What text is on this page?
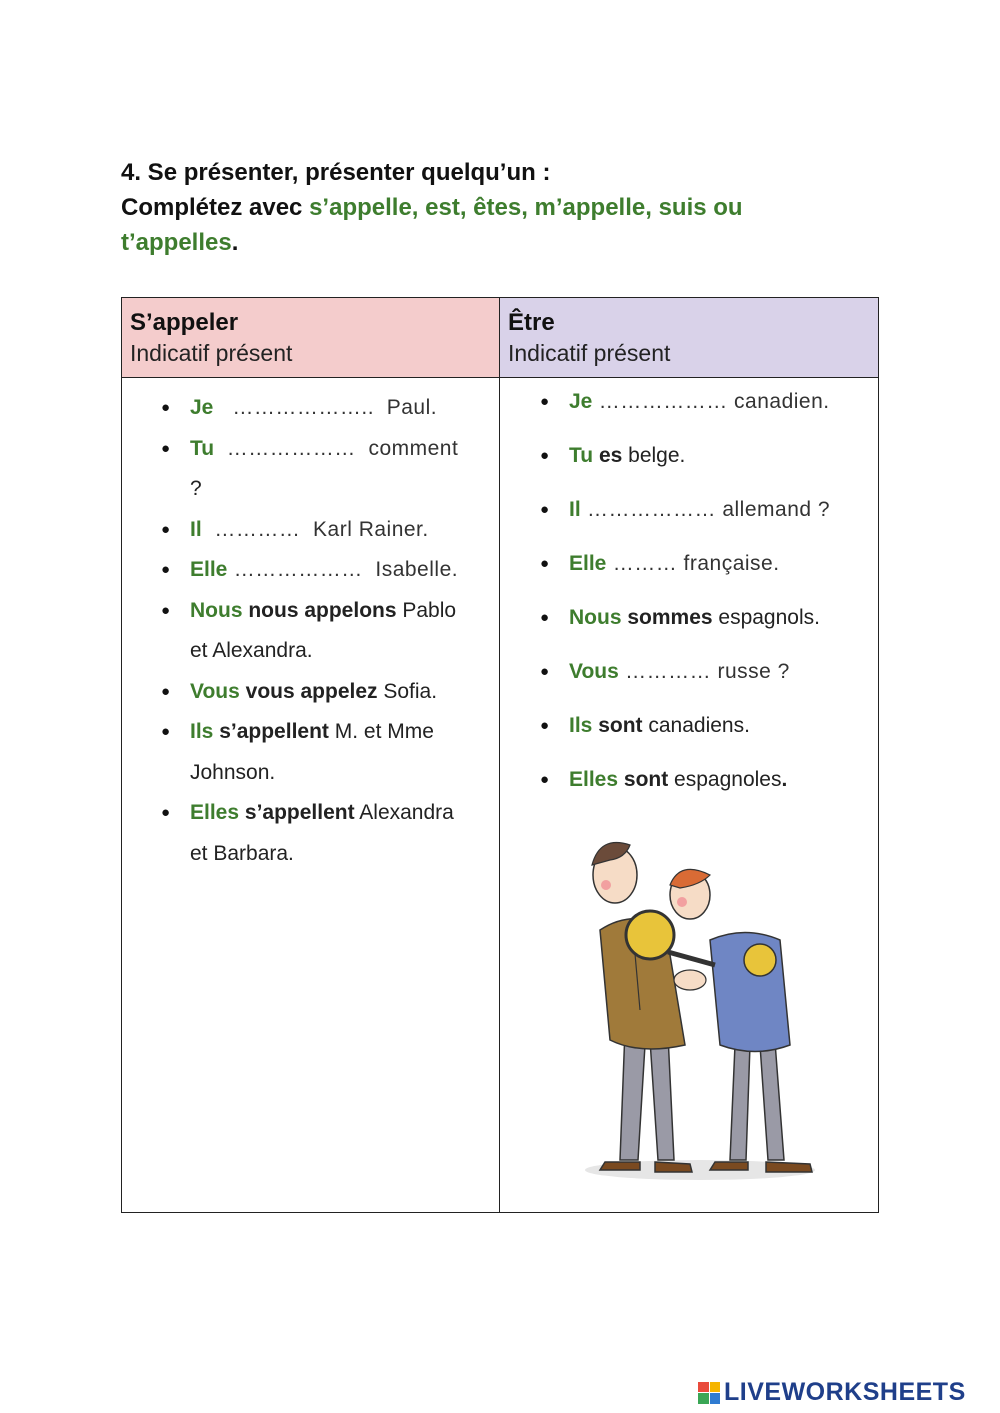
4. Se présenter, présenter quelqu’un :
Complétez avec s’appelle, est, êtes, m’appelle, suis ou
t’appelles.
S’appeler
Indicatif présent
● Je   ………………..  Paul.
● Tu  ………………  comment
?
● Il  …………  Karl Rainer.
● Elle ………………  Isabelle.
● Nous nous appelons Pablo
et Alexandra.
● Vous vous appelez Sofia.
● Ils s’appellent M. et Mme
Johnson.
● Elles s’appellent Alexandra
et Barbara.
Être
Indicatif présent
● Je ……………… canadien.
● Tu es belge.
● Il ……………… allemand ?
● Elle ……… française.
● Nous sommes espagnols.
● Vous ………… russe ?
● Ils sont canadiens.
● Elles sont espagnoles.
LIVEWORKSHEETS
